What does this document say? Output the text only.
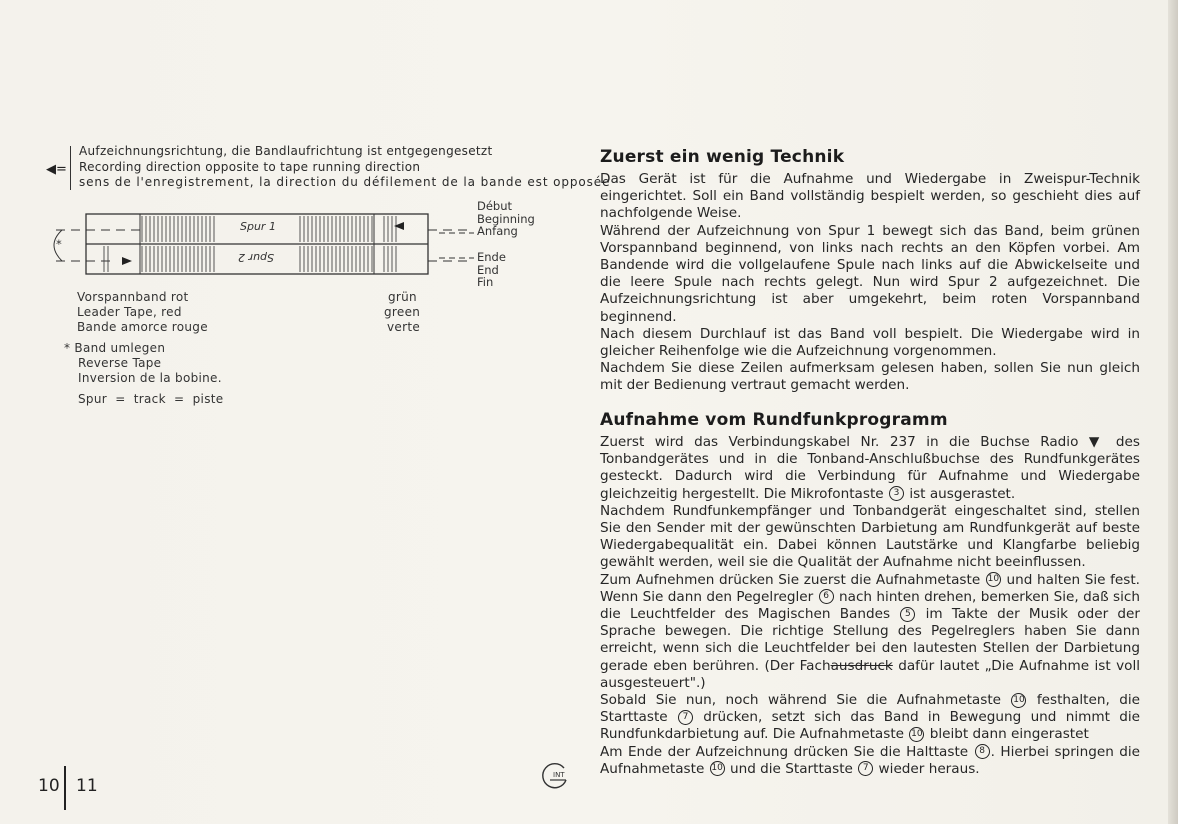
◀=
Aufzeichnungsrichtung, die Bandlaufrichtung ist entgegengesetzt
Recording direction opposite to tape running direction
sens de l'enregistrement, la direction du défilement de la bande est opposée
Spur 1
Spur 2
*
Début
Beginning
Anfang
Ende
End
Fin
Vorspannband rot
Leader Tape, red
Bande amorce rouge
grün
green
verte
* Band umlegen
Reverse Tape
Inversion de la bobine.
Spur  =  track  =  piste
10 11
INT
Zuerst ein wenig Technik

Das Gerät ist für die Aufnahme und Wiedergabe in Zweispur-Technik eingerichtet. Soll ein Band vollständig bespielt werden, so geschieht dies auf nachfolgende Weise.

Während der Aufzeichnung von Spur 1 bewegt sich das Band, beim grünen Vorspannband beginnend, von links nach rechts an den Köpfen vorbei. Am Bandende wird die vollgelaufene Spule nach links auf die Abwickelseite und die leere Spule nach rechts gelegt. Nun wird Spur 2 aufgezeichnet. Die Aufzeichnungsrichtung ist aber umgekehrt, beim roten Vorspannband beginnend.

Nach diesem Durchlauf ist das Band voll bespielt. Die Wiedergabe wird in gleicher Reihenfolge wie die Aufzeichnung vorgenommen.

Nachdem Sie diese Zeilen aufmerksam gelesen haben, sollen Sie nun gleich mit der Bedienung vertraut gemacht werden.

Aufnahme vom Rundfunkprogramm

Zuerst wird das Verbindungskabel Nr. 237 in die Buchse Radio ▼ des Tonbandgerätes und in die Tonband-Anschlußbuchse des Rundfunkgerätes gesteckt. Dadurch wird die Verbindung für Aufnahme und Wiedergabe gleichzeitig hergestellt. Die Mikrofontaste 3 ist ausgerastet.

Nachdem Rundfunkempfänger und Tonbandgerät eingeschaltet sind, stellen Sie den Sender mit der gewünschten Darbietung am Rundfunkgerät auf beste Wiedergabequalität ein. Dabei können Lautstärke und Klangfarbe beliebig gewählt werden, weil sie die Qualität der Aufnahme nicht beeinflussen.

Zum Aufnehmen drücken Sie zuerst die Aufnahmetaste 10 und halten Sie fest. Wenn Sie dann den Pegelregler 6 nach hinten drehen, bemerken Sie, daß sich die Leuchtfelder des Magischen Bandes 5 im Takte der Musik oder der Sprache bewegen. Die richtige Stellung des Pegelreglers haben Sie dann erreicht, wenn sich die Leuchtfelder bei den lautesten Stellen der Darbietung gerade eben berühren. (Der Fachausdruck dafür lautet „Die Aufnahme ist voll ausgesteuert".)

Sobald Sie nun, noch während Sie die Aufnahmetaste 10 festhalten, die Starttaste 7 drücken, setzt sich das Band in Bewegung und nimmt die Rundfunkdarbietung auf. Die Aufnahmetaste 10 bleibt dann eingerastet

Am Ende der Aufzeichnung drücken Sie die Halttaste 8 . Hierbei springen die Aufnahmetaste 10 und die Starttaste 7 wieder heraus.
